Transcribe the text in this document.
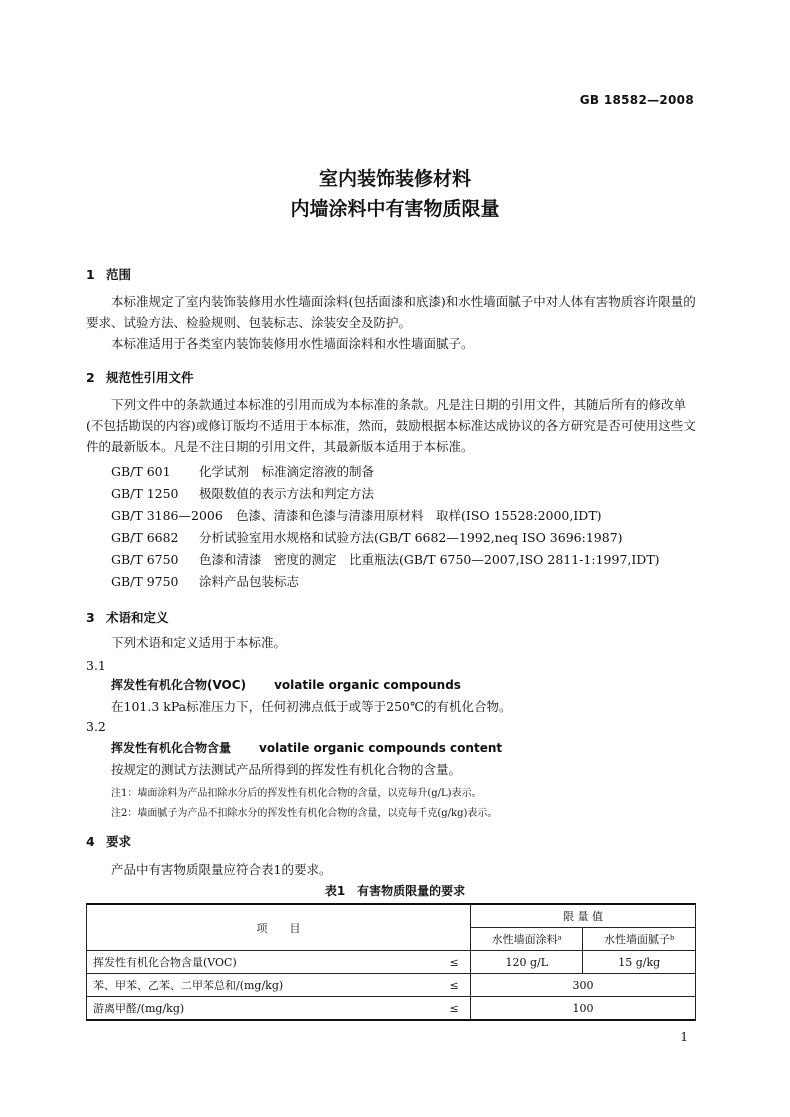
GB 18582—2008
室内装饰装修材料
内墙涂料中有害物质限量
1 范围
本标准规定了室内装饰装修用水性墙面涂料(包括面漆和底漆)和水性墙面腻子中对人体有害物质容许限量的要求、试验方法、检验规则、包装标志、涂装安全及防护。
本标准适用于各类室内装饰装修用水性墙面涂料和水性墙面腻子。
2 规范性引用文件
下列文件中的条款通过本标准的引用而成为本标准的条款。凡是注日期的引用文件，其随后所有的修改单(不包括勘误的内容)或修订版均不适用于本标准，然而，鼓励根据本标准达成协议的各方研究是否可使用这些文件的最新版本。凡是不注日期的引用文件，其最新版本适用于本标准。
GB/T 601 化学试剂　标准滴定溶液的制备
GB/T 1250 极限数值的表示方法和判定方法
GB/T 3186—2006 色漆、清漆和色漆与清漆用原材料　取样(ISO 15528:2000,IDT)
GB/T 6682 分析试验室用水规格和试验方法(GB/T 6682—1992,neq ISO 3696:1987)
GB/T 6750 色漆和清漆　密度的测定　比重瓶法(GB/T 6750—2007,ISO 2811-1:1997,IDT)
GB/T 9750 涂料产品包装标志
3 术语和定义
下列术语和定义适用于本标准。
3.1
挥发性有机化合物(VOC) volatile organic compounds
在101.3 kPa标准压力下，任何初沸点低于或等于250℃的有机化合物。
3.2
挥发性有机化合物含量 volatile organic compounds content
按规定的测试方法测试产品所得到的挥发性有机化合物的含量。
注1：墙面涂料为产品扣除水分后的挥发性有机化合物的含量，以克每升(g/L)表示。
注2：墙面腻子为产品不扣除水分的挥发性有机化合物的含量，以克每千克(g/kg)表示。
4 要求
产品中有害物质限量应符合表1的要求。
表1　有害物质限量的要求
项　　目		限 量 值	
		水性墙面涂料ᵃ	水性墙面腻子ᵇ
挥发性有机化合物含量(VOC)	≤	120 g/L	15 g/kg
苯、甲苯、乙苯、二甲苯总和/(mg/kg)	≤	300	
游离甲醛/(mg/kg)	≤	100	
1
